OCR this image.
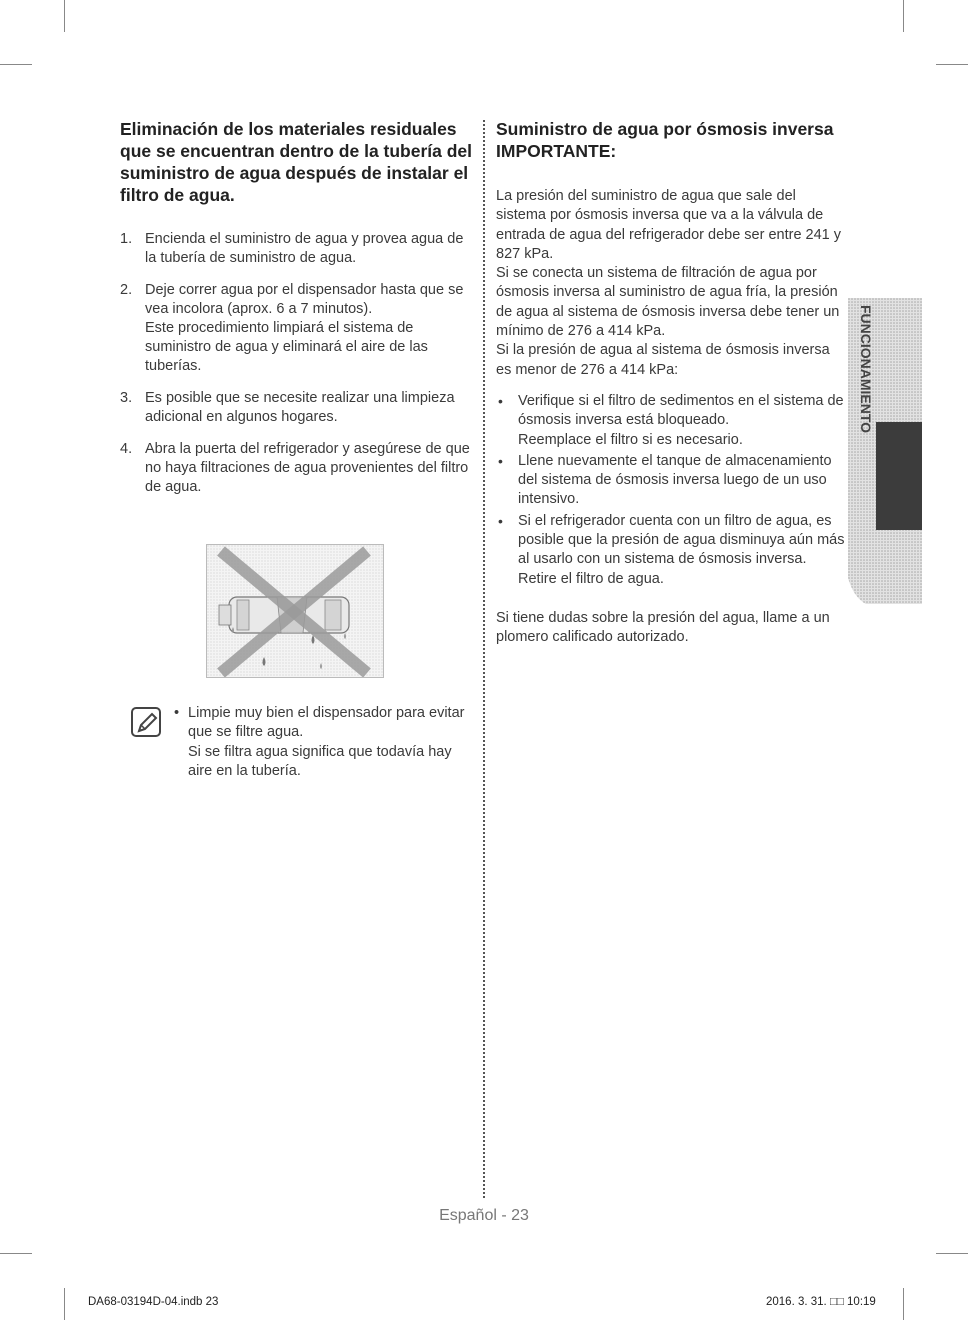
Eliminación de los materiales residuales que se encuentran dentro de la tubería del suministro de agua después de instalar el filtro de agua.
1. Encienda el suministro de agua y provea agua de la tubería de suministro de agua.
2. Deje correr agua por el dispensador hasta que se vea incolora (aprox. 6 a 7 minutos).
Este procedimiento limpiará el sistema de suministro de agua y eliminará el aire de las tuberías.
3. Es posible que se necesite realizar una limpieza adicional en algunos hogares.
4. Abra la puerta del refrigerador y asegúrese de que no haya filtraciones de agua provenientes del filtro de agua.
• Limpie muy bien el dispensador para evitar que se filtre agua.
Si se filtra agua significa que todavía hay aire en la tubería.
Suministro de agua por ósmosis inversa
IMPORTANTE:

La presión del suministro de agua que sale del sistema por ósmosis inversa que va a la válvula de entrada de agua del refrigerador debe ser entre 241 y 827 kPa.

Si se conecta un sistema de filtración de agua por ósmosis inversa al suministro de agua fría, la presión de agua al sistema de ósmosis inversa debe tener un mínimo de 276 a 414 kPa.

Si la presión de agua al sistema de ósmosis inversa es menor de 276 a 414 kPa:

• Verifique si el filtro de sedimentos en el sistema de ósmosis inversa está bloqueado.
Reemplace el filtro si es necesario.
• Llene nuevamente el tanque de almacenamiento del sistema de ósmosis inversa luego de un uso intensivo.
• Si el refrigerador cuenta con un filtro de agua, es posible que la presión de agua disminuya aún más al usarlo con un sistema de ósmosis inversa. Retire el filtro de agua.

Si tiene dudas sobre la presión del agua, llame a un plomero calificado autorizado.

FUNCIONAMIENTO
Español - 23
DA68-03194D-04.indb 23	2016. 3. 31. □□ 10:19
